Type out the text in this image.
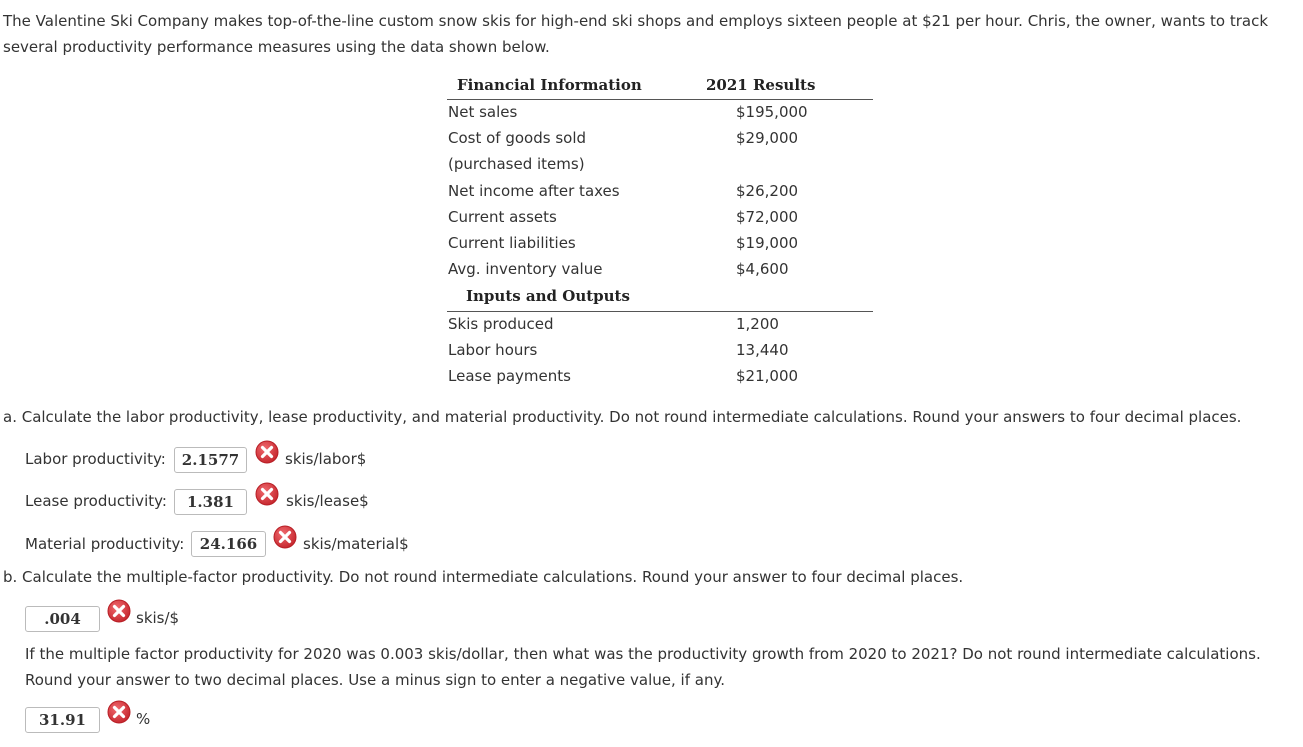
The Valentine Ski Company makes top-of-the-line custom snow skis for high-end ski shops and employs sixteen people at $21 per hour. Chris, the owner, wants to track several productivity performance measures using the data shown below.
Financial Information	2021 Results
Net sales	$195,000
Cost of goods sold	$29,000
(purchased items)
Net income after taxes	$26,200
Current assets	$72,000
Current liabilities	$19,000
Avg. inventory value	$4,600
Inputs and Outputs
Skis produced	1,200
Labor hours	13,440
Lease payments	$21,000
a. Calculate the labor productivity, lease productivity, and material productivity. Do not round intermediate calculations. Round your answers to four decimal places.
Labor productivity:	2.1577	skis/labor$
Lease productivity:	1.381	skis/lease$
Material productivity:	24.166	skis/material$
b. Calculate the multiple-factor productivity. Do not round intermediate calculations. Round your answer to four decimal places.
.004	skis/$
If the multiple factor productivity for 2020 was 0.003 skis/dollar, then what was the productivity growth from 2020 to 2021? Do not round intermediate calculations. Round your answer to two decimal places. Use a minus sign to enter a negative value, if any.
31.91	%
